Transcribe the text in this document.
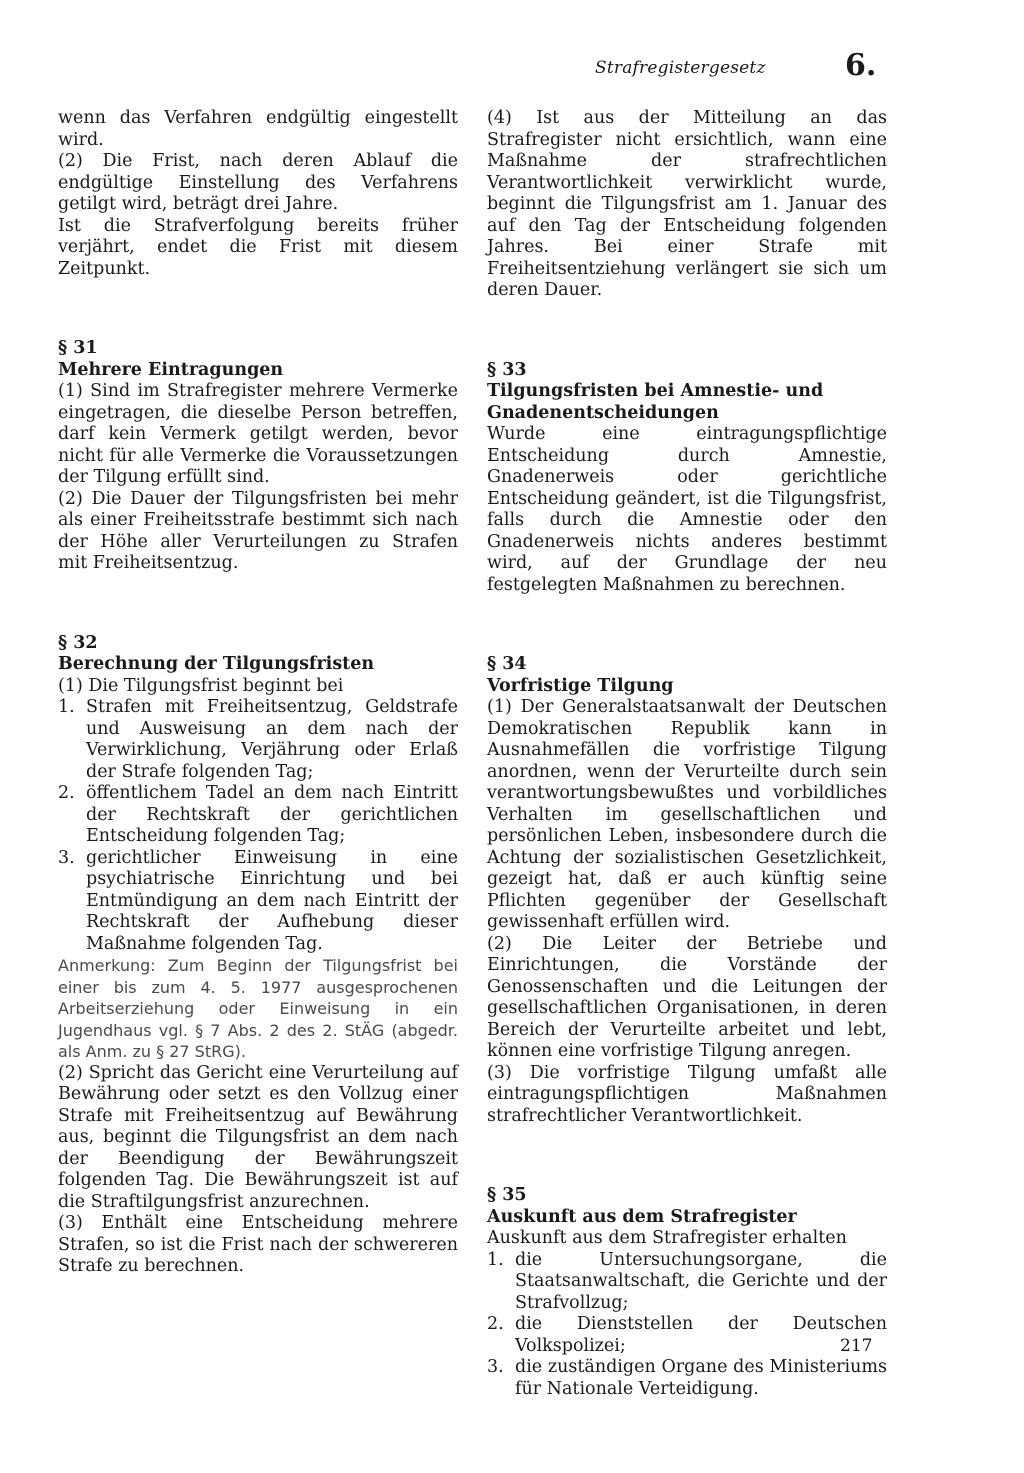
Strafregistergesetz	6.

wenn das Verfahren endgültig eingestellt wird.

(2) Die Frist, nach deren Ablauf die endgültige Einstellung des Verfahrens getilgt wird, beträgt drei Jahre.

Ist die Strafverfolgung bereits früher verjährt, endet die Frist mit diesem Zeitpunkt.

§ 31
Mehrere Eintragungen

(1) Sind im Strafregister mehrere Vermerke eingetragen, die dieselbe Person betreffen, darf kein Vermerk getilgt werden, bevor nicht für alle Vermerke die Voraussetzungen der Tilgung erfüllt sind.

(2) Die Dauer der Tilgungsfristen bei mehr als einer Freiheitsstrafe bestimmt sich nach der Höhe aller Verurteilungen zu Strafen mit Freiheitsentzug.

§ 32
Berechnung der Tilgungsfristen

(1) Die Tilgungsfrist beginnt bei

1. Strafen mit Freiheitsentzug, Geldstrafe und Ausweisung an dem nach der Verwirklichung, Verjährung oder Erlaß der Strafe folgenden Tag;
2. öffentlichem Tadel an dem nach Eintritt der Rechtskraft der gerichtlichen Entscheidung folgenden Tag;
3. gerichtlicher Einweisung in eine psychiatrische Einrichtung und bei Entmündigung an dem nach Eintritt der Rechtskraft der Aufhebung dieser Maßnahme folgenden Tag.

Anmerkung: Zum Beginn der Tilgungsfrist bei einer bis zum 4. 5. 1977 ausgesprochenen Arbeitserziehung oder Einweisung in ein Jugendhaus vgl. § 7 Abs. 2 des 2. StÄG (abgedr. als Anm. zu § 27 StRG).

(2) Spricht das Gericht eine Verurteilung auf Bewährung oder setzt es den Vollzug einer Strafe mit Freiheitsentzug auf Bewährung aus, beginnt die Tilgungsfrist an dem nach der Beendigung der Bewährungszeit folgenden Tag. Die Bewährungszeit ist auf die Straftilgungsfrist anzurechnen.

(3) Enthält eine Entscheidung mehrere Strafen, so ist die Frist nach der schwereren Strafe zu berechnen.

(4) Ist aus der Mitteilung an das Strafregister nicht ersichtlich, wann eine Maßnahme der strafrechtlichen Verantwortlichkeit verwirklicht wurde, beginnt die Tilgungsfrist am 1. Januar des auf den Tag der Entscheidung folgenden Jahres. Bei einer Strafe mit Freiheitsentziehung verlängert sie sich um deren Dauer.

§ 33
Tilgungsfristen bei Amnestie- und Gnadenentscheidungen

Wurde eine eintragungspflichtige Entscheidung durch Amnestie, Gnadenerweis oder gerichtliche Entscheidung geändert, ist die Tilgungsfrist, falls durch die Amnestie oder den Gnadenerweis nichts anderes bestimmt wird, auf der Grundlage der neu festgelegten Maßnahmen zu berechnen.

§ 34
Vorfristige Tilgung

(1) Der Generalstaatsanwalt der Deutschen Demokratischen Republik kann in Ausnahmefällen die vorfristige Tilgung anordnen, wenn der Verurteilte durch sein verantwortungsbewußtes und vorbildliches Verhalten im gesellschaftlichen und persönlichen Leben, insbesondere durch die Achtung der sozialistischen Gesetzlichkeit, gezeigt hat, daß er auch künftig seine Pflichten gegenüber der Gesellschaft gewissenhaft erfüllen wird.

(2) Die Leiter der Betriebe und Einrichtungen, die Vorstände der Genossenschaften und die Leitungen der gesellschaftlichen Organisationen, in deren Bereich der Verurteilte arbeitet und lebt, können eine vorfristige Tilgung anregen.

(3) Die vorfristige Tilgung umfaßt alle eintragungspflichtigen Maßnahmen strafrechtlicher Verantwortlichkeit.

§ 35
Auskunft aus dem Strafregister

Auskunft aus dem Strafregister erhalten

1. die Untersuchungsorgane, die Staatsanwaltschaft, die Gerichte und der Strafvollzug;
2. die Dienststellen der Deutschen Volkspolizei;
3. die zuständigen Organe des Ministeriums für Nationale Verteidigung.
217
